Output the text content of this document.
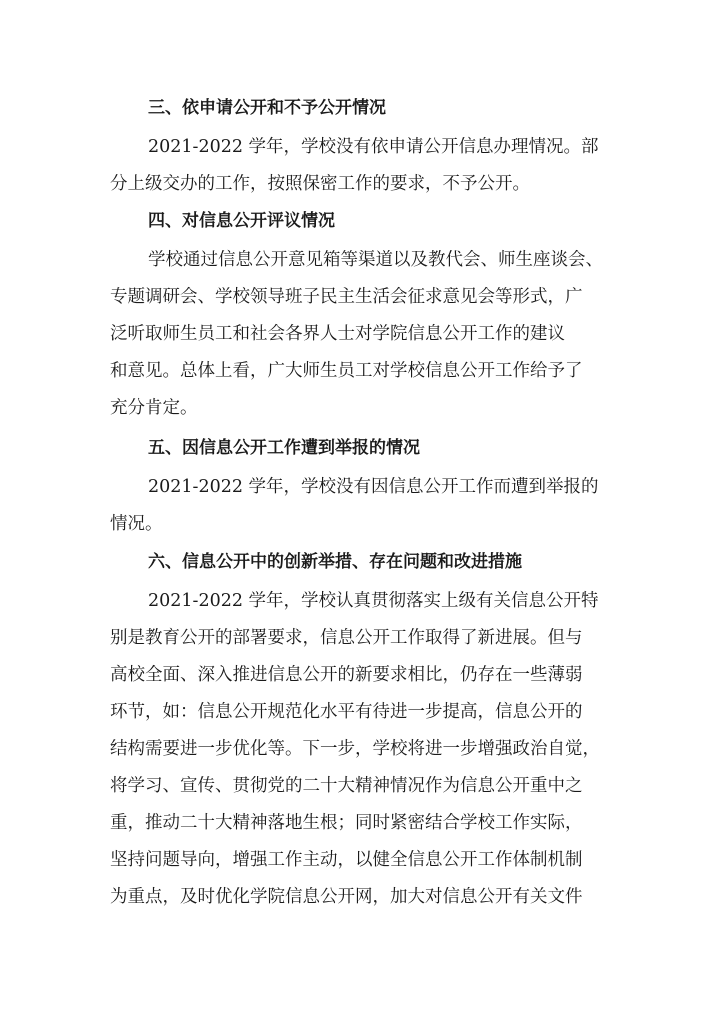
三、依申请公开和不予公开情况
2021-2022 学年，学校没有依申请公开信息办理情况。部
分上级交办的工作，按照保密工作的要求，不予公开。
四、对信息公开评议情况
学校通过信息公开意见箱等渠道以及教代会、师生座谈会、
专题调研会、学校领导班子民主生活会征求意见会等形式，广
泛听取师生员工和社会各界人士对学院信息公开工作的建议
和意见。总体上看，广大师生员工对学校信息公开工作给予了
充分肯定。
五、因信息公开工作遭到举报的情况
2021-2022 学年，学校没有因信息公开工作而遭到举报的
情况。
六、信息公开中的创新举措、存在问题和改进措施
2021-2022 学年，学校认真贯彻落实上级有关信息公开特
别是教育公开的部署要求，信息公开工作取得了新进展。但与
高校全面、深入推进信息公开的新要求相比，仍存在一些薄弱
环节，如：信息公开规范化水平有待进一步提高，信息公开的
结构需要进一步优化等。下一步，学校将进一步增强政治自觉，
将学习、宣传、贯彻党的二十大精神情况作为信息公开重中之
重，推动二十大精神落地生根；同时紧密结合学校工作实际，
坚持问题导向，增强工作主动，以健全信息公开工作体制机制
为重点，及时优化学院信息公开网，加大对信息公开有关文件
